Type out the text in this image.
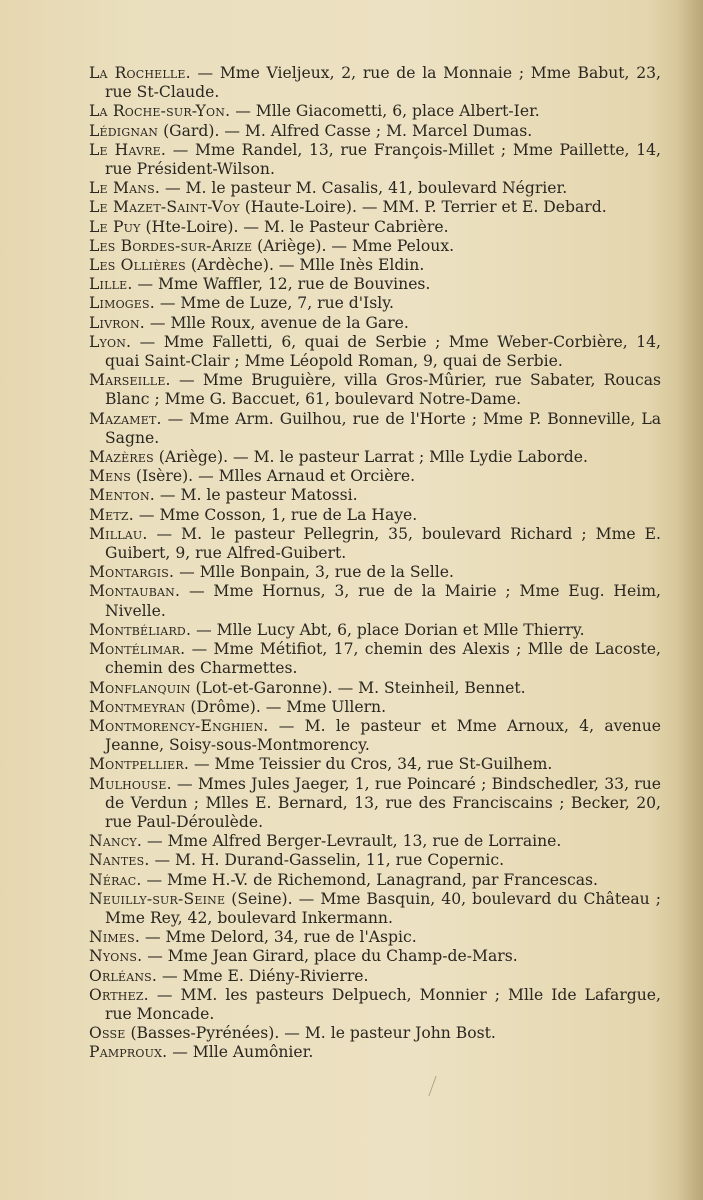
La Rochelle. — Mme Vieljeux, 2, rue de la Monnaie ; Mme Babut, 23, rue St-Claude.

La Roche-sur-Yon. — Mlle Giacometti, 6, place Albert-Ier.

Lédignan (Gard). — M. Alfred Casse ; M. Marcel Dumas.

Le Havre. — Mme Randel, 13, rue François-Millet ; Mme Paillette, 14, rue Président-Wilson.

Le Mans. — M. le pasteur M. Casalis, 41, boulevard Négrier.

Le Mazet-Saint-Voy (Haute-Loire). — MM. P. Terrier et E. Debard.

Le Puy (Hte-Loire). — M. le Pasteur Cabrière.

Les Bordes-sur-Arize (Ariège). — Mme Peloux.

Les Ollières (Ardèche). — Mlle Inès Eldin.

Lille. — Mme Waffler, 12, rue de Bouvines.

Limoges. — Mme de Luze, 7, rue d'Isly.

Livron. — Mlle Roux, avenue de la Gare.

Lyon. — Mme Falletti, 6, quai de Serbie ; Mme Weber-Corbière, 14, quai Saint-Clair ; Mme Léopold Roman, 9, quai de Serbie.

Marseille. — Mme Bruguière, villa Gros-Mûrier, rue Sabater, Roucas Blanc ; Mme G. Baccuet, 61, boulevard Notre-Dame.

Mazamet. — Mme Arm. Guilhou, rue de l'Horte ; Mme P. Bonneville, La Sagne.

Mazères (Ariège). — M. le pasteur Larrat ; Mlle Lydie Laborde.

Mens (Isère). — Mlles Arnaud et Orcière.

Menton. — M. le pasteur Matossi.

Metz. — Mme Cosson, 1, rue de La Haye.

Millau. — M. le pasteur Pellegrin, 35, boulevard Richard ; Mme E. Guibert, 9, rue Alfred-Guibert.

Montargis. — Mlle Bonpain, 3, rue de la Selle.

Montauban. — Mme Hornus, 3, rue de la Mairie ; Mme Eug. Heim, Nivelle.

Montbéliard. — Mlle Lucy Abt, 6, place Dorian et Mlle Thierry.

Montélimar. — Mme Métifiot, 17, chemin des Alexis ; Mlle de Lacoste, chemin des Charmettes.

Monflanquin (Lot-et-Garonne). — M. Steinheil, Bennet.

Montmeyran (Drôme). — Mme Ullern.

Montmorency-Enghien. — M. le pasteur et Mme Arnoux, 4, avenue Jeanne, Soisy-sous-Montmorency.

Montpellier. — Mme Teissier du Cros, 34, rue St-Guilhem.

Mulhouse. — Mmes Jules Jaeger, 1, rue Poincaré ; Bindschedler, 33, rue de Verdun ; Mlles E. Bernard, 13, rue des Franciscains ; Becker, 20, rue Paul-Déroulède.

Nancy. — Mme Alfred Berger-Levrault, 13, rue de Lorraine.

Nantes. — M. H. Durand-Gasselin, 11, rue Copernic.

Nérac. — Mme H.-V. de Richemond, Lanagrand, par Francescas.

Neuilly-sur-Seine (Seine). — Mme Basquin, 40, boulevard du Château ; Mme Rey, 42, boulevard Inkermann.

Nimes. — Mme Delord, 34, rue de l'Aspic.

Nyons. — Mme Jean Girard, place du Champ-de-Mars.

Orléans. — Mme E. Diény-Rivierre.

Orthez. — MM. les pasteurs Delpuech, Monnier ; Mlle Ide Lafargue, rue Moncade.

Osse (Basses-Pyrénées). — M. le pasteur John Bost.

Pamproux. — Mlle Aumônier.
